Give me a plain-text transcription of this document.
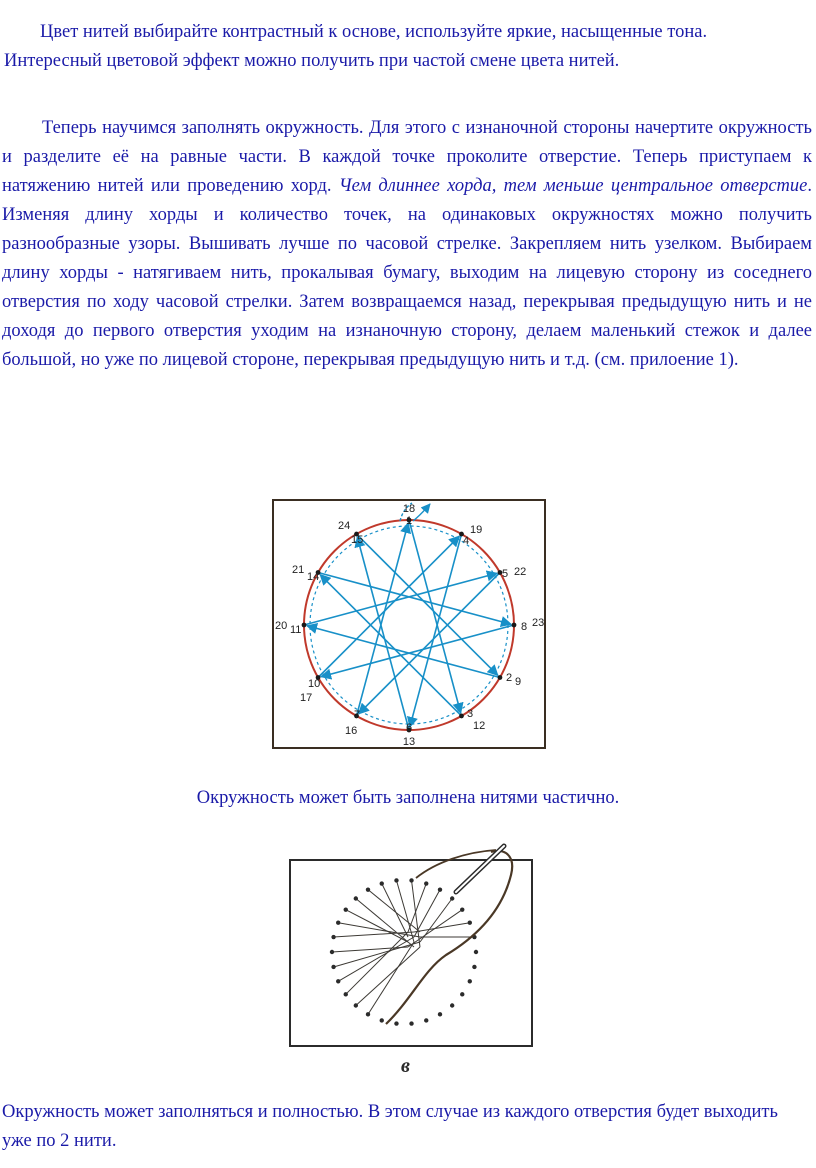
Цвет нитей выбирайте контрастный к основе, используйте яркие, насыщенные тона.
Интересный цветовой эффект можно получить при частой смене цвета нитей.

Теперь научимся заполнять окружность. Для этого с изнаночной стороны начертите окружность и разделите её на равные части. В каждой точке проколите отверстие. Теперь приступаем к натяжению нитей или проведению хорд. Чем длиннее хорда, тем меньше центральное отверстие. Изменяя длину хорды и количество точек, на одинаковых окружностях можно получить разнообразные узоры. Вышивать лучше по часовой стрелке. Закрепляем нить узелком. Выбираем длину хорды - натягиваем нить, прокалывая бумагу, выходим на лицевую сторону из соседнего отверстия по ходу часовой стрелки. Затем возвращаемся назад, перекрывая предыдущую нить и не доходя до первого отверстия уходим на изнаночную сторону, делаем маленький стежок и далее большой, но уже по лицевой стороне, перекрывая предыдущую нить и т.д. (см. прилоение 1).

18
1
19
4
5 22
8 23
2 9
3
12
6
13
7
16
10
17
11
20
14
21
15
24
Окружность может быть заполнена нитями частично.
в

Окружность может заполняться и полностью. В этом случае из каждого отверстия будет выходить уже по 2 нити.
